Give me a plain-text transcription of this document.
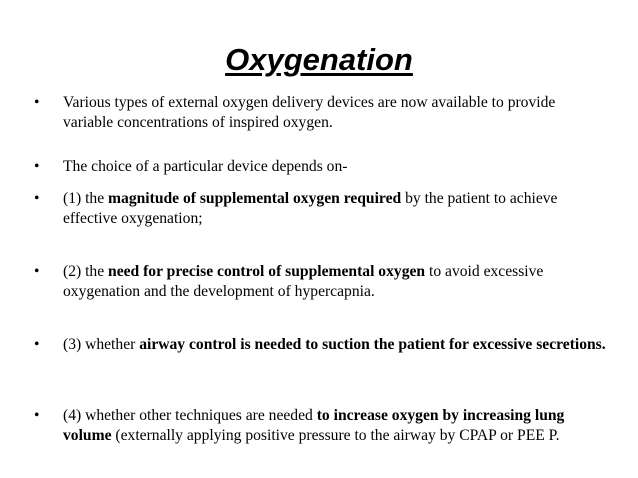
Oxygenation
• Various types of external oxygen delivery devices are now available to provide variable concentrations of inspired oxygen.
• The choice of a particular device depends on-
• (1) the magnitude of supplemental oxygen required by the patient to achieve effective oxygenation;
• (2) the need for precise control of supplemental oxygen to avoid excessive oxygenation and the development of hypercapnia.
• (3) whether airway control is needed to suction the patient for excessive secretions.
• (4) whether other techniques are needed to increase oxygen by increasing lung volume (externally applying positive pressure to the airway by CPAP or PEE P.
